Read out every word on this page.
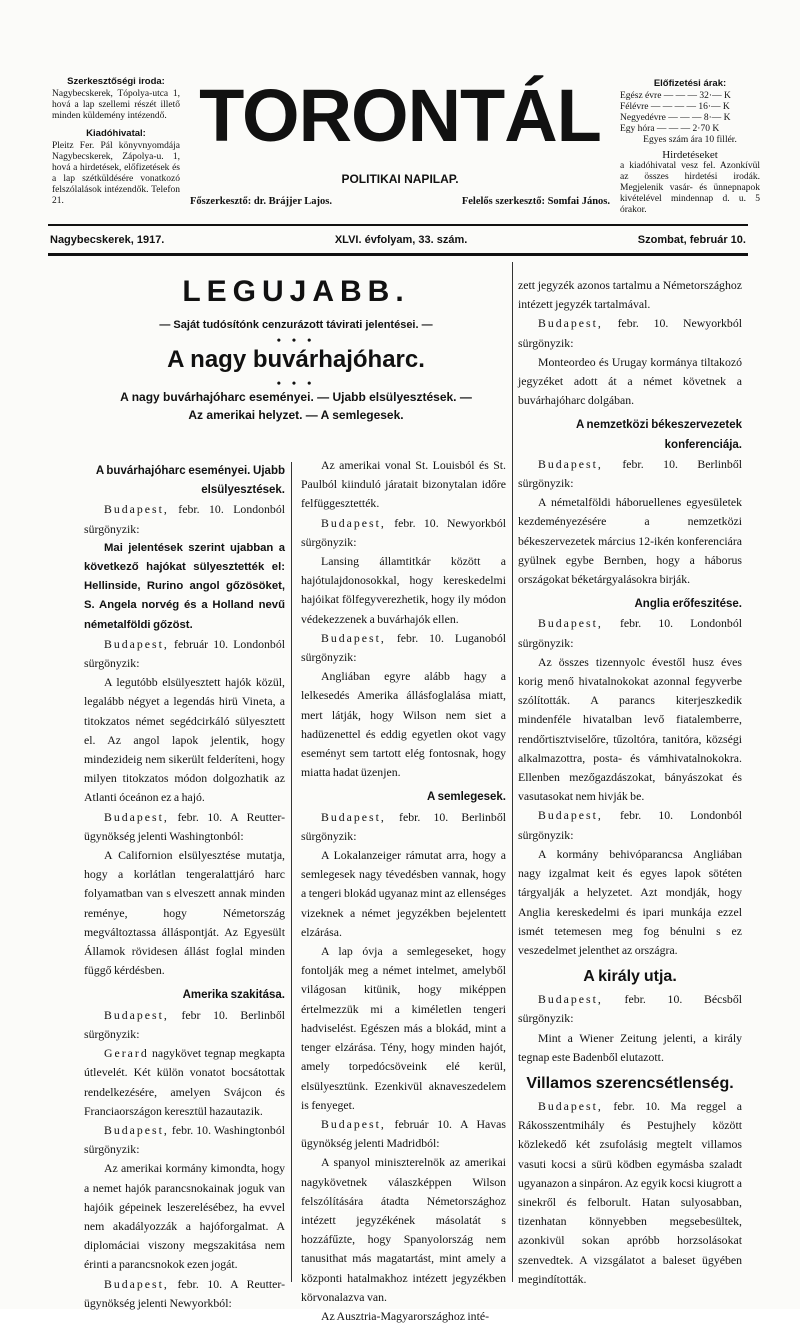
Szerkesztőségi iroda:
Nagybecskerek, Tópolya-utca 1, hová a lap szellemi részét illető minden küldemény intézendő.
Kiadóhivatal:
Pleitz Fer. Pál könyvnyomdája Nagybecskerek, Zápolya-u. 1, hová a hirdetések, előfizetések és a lap szétküldésére vonatkozó felszólalások intézendők. Telefon 21.
TORONTÁL
POLITIKAI NAPILAP.
Főszerkesztő: dr. Brájjer Lajos.	Felelős szerkesztő: Somfai János.
Előfizetési árak:
Egész évre — — — 32·— K
Félévre — — — — 16·— K
Negyedévre — — — 8·— K
Egy hóra — — — 2·70 K
Egyes szám ára 10 fillér.
Hirdetéseket
a kiadóhivatal vesz fel. Azonkívül az összes hirdetési irodák. Megjelenik vasár- és ünnepnapok kivételével mindennap d. u. 5 órakor.
Nagybecskerek, 1917.	XLVI. évfolyam, 33. szám.	Szombat, február 10.
LEGUJABB.
— Saját tudósítónk cenzurázott távirati jelentései. —
• • •
A nagy buvárhajóharc.
• • •
A nagy buvárhajóharc eseményei. — Ujabb elsülyesztések. —
Az amerikai helyzet. — A semlegesek.

A buvárhajóharc eseményei. Ujabb elsülyesztések.

Budapest, febr. 10. Londonból sürgönyzik:

Mai jelentések szerint ujabban a következő hajókat sülyesztették el: Hellinside, Rurino angol gőzösöket, S. Angela norvég és a Holland nevű németalföldi gőzöst.

Budapest, február 10. Londonból sürgönyzik:

A legutóbb elsülyesztett hajók közül, legalább négyet a legendás hirü Vineta, a titokzatos német segédcirkáló sülyesztett el. Az angol lapok jelentik, hogy mindezideig nem sikerült felderíteni, hogy milyen titokzatos módon dolgozhatik az Atlanti óceánon ez a hajó.

Budapest, febr. 10. A Reutter-ügynökség jelenti Washingtonból:

A Californion elsülyesztése mutatja, hogy a korlátlan tengeralattjáró harc folyamatban van s elveszett annak minden reménye, hogy Németország megváltoztassa álláspontját. Az Egyesült Államok rövidesen állást foglal minden függő kérdésben.

Amerika szakitása.

Budapest, febr 10. Berlinből sürgönyzik:

Gerard nagykövet tegnap megkapta útlevelét. Két külön vonatot bocsátottak rendelkezésére, amelyen Svájcon és Franciaországon keresztül hazautazik.

Budapest, febr. 10. Washingtonból sürgönyzik:

Az amerikai kormány kimondta, hogy a nemet hajók parancsnokainak joguk van hajóik gépeinek leszerelésébez, ha evvel nem akadályozzák a hajóforgalmat. A diplomáciai viszony megszakitása nem érinti a parancsnokok ezen jogát.

Budapest, febr. 10. A Reutter-ügynökség jelenti Newyorkból:

Az amerikai vonal St. Louisból és St. Paulból kiinduló járatait bizonytalan időre felfüggesztették.

Budapest, febr. 10. Newyorkból sürgönyzik:

Lansing államtitkár között a hajótulajdonosokkal, hogy kereskedelmi hajóikat fölfegyverezhetik, hogy ily módon védekezzenek a buvárhajók ellen.

Budapest, febr. 10. Luganoból sürgönyzik:

Angliában egyre alább hagy a lelkesedés Amerika állásfoglalása miatt, mert látják, hogy Wilson nem siet a hadüzenettel és eddig egyetlen okot vagy eseményt sem tartott elég fontosnak, hogy miatta hadat üzenjen.

A semlegesek.

Budapest, febr. 10. Berlinből sürgönyzik:

A Lokalanzeiger rámutat arra, hogy a semlegesek nagy tévedésben vannak, hogy a tengeri blokád ugyanaz mint az ellenséges vizeknek a német jegyzékben bejelentett elzárása.

A lap óvja a semlegeseket, hogy fontolják meg a német intelmet, amelyből világosan kitünik, hogy miképpen értelmezzük mi a kiméletlen tengeri hadviselést. Egészen más a blokád, mint a tenger elzárása. Tény, hogy minden hajót, amely torpedócsöveink elé kerül, elsülyesztünk. Ezenkivül aknaveszedelem is fenyeget.

Budapest, február 10. A Havas ügynökség jelenti Madridból:

A spanyol miniszterelnök az amerikai nagykövetnek válaszképpen Wilson felszólítására átadta Németországhoz intézett jegyzékének másolatát s hozzáfűzte, hogy Spanyolország nem tanusithat más magatartást, mint amely a központi hatalmakhoz intézett jegyzékben körvonalazva van.

Az Ausztria-Magyarországhoz inté-

zett jegyzék azonos tartalmu a Németországhoz intézett jegyzék tartalmával.

Budapest, febr. 10. Newyorkból sürgönyzik:

Monteordeo és Urugay kormánya tiltakozó jegyzéket adott át a német követnek a buvárhajóharc dolgában.

A nemzetközi békeszervezetek konferenciája.

Budapest, febr. 10. Berlinből sürgönyzik:

A németalföldi háboruellenes egyesületek kezdeményezésére a nemzetközi békeszervezetek március 12-ikén konferenciára gyülnek egybe Bernben, hogy a háborus országokat béketárgyalásokra birják.

Anglia erőfeszitése.

Budapest, febr. 10. Londonból sürgönyzik:

Az összes tizennyolc évestől husz éves korig menő hivatalnokokat azonnal fegyverbe szólították. A parancs kiterjeszkedik mindenféle hivatalban levő fiatalemberre, rendőrtisztviselőre, tűzoltóra, tanitóra, községi alkalmazottra, posta- és vámhivatalnokokra. Ellenben mezőgazdászokat, bányászokat és vasutasokat nem hivják be.

Budapest, febr. 10. Londonból sürgönyzik:

A kormány behivóparancsa Angliában nagy izgalmat keit és egyes lapok sötéten tárgyalják a helyzetet. Azt mondják, hogy Anglia kereskedelmi és ipari munkája ezzel ismét tetemesen meg fog bénulni s ez veszedelmet jelenthet az országra.

A király utja.

Budapest, febr. 10. Bécsből sürgönyzik:

Mint a Wiener Zeitung jelenti, a király tegnap este Badenből elutazott.

Villamos szerencsétlenség.

Budapest, febr. 10. Ma reggel a Rákosszentmihály és Pestujhely között közlekedő két zsufolásig megtelt villamos vasuti kocsi a sürü ködben egymásba szaladt ugyanazon a sinpáron. Az egyik kocsi kiugrott a sinekről és felborult. Hatan sulyosabban, tizenhatan könnyebben megsebesültek, azonkivül sokan apróbb horzsolásokat szenvedtek. A vizsgálatot a baleset ügyében megindították.
